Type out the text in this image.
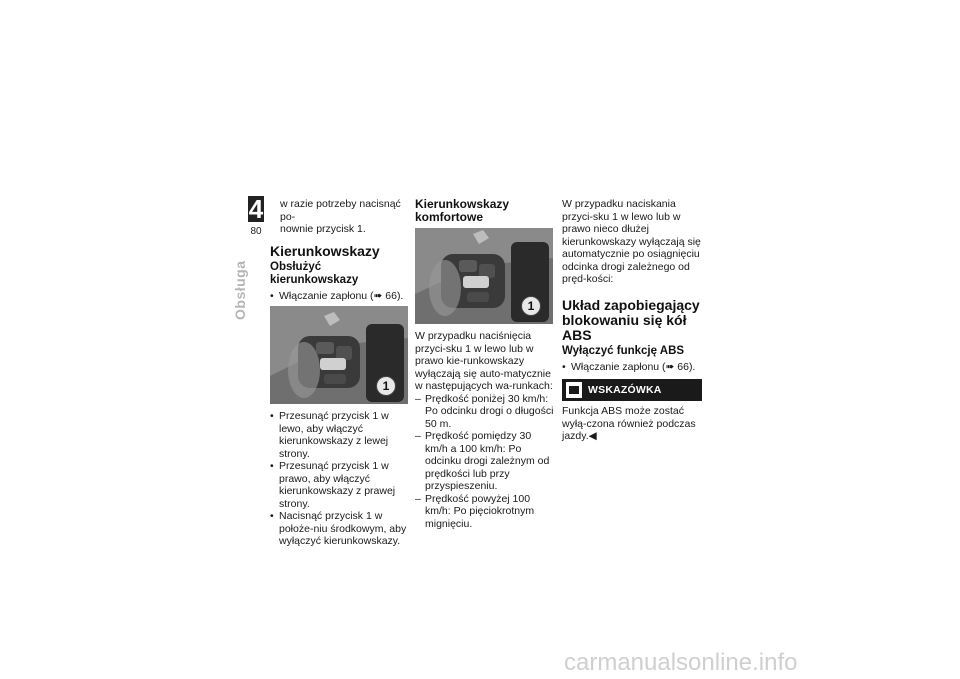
4
80
Obsługa

w razie potrzeby nacisnąć po-

nownie przycisk 1.

Kierunkowskazy
Obsłużyć kierunkowskazy
• Włączanie zapłonu (➠ 66).
1
• Przesunąć przycisk 1 w lewo, aby włączyć kierunkowskazy z lewej strony.
• Przesunąć przycisk 1 w prawo, aby włączyć kierunkowskazy z prawej strony.
• Nacisnąć przycisk 1 w położe-niu środkowym, aby wyłączyć kierunkowskazy.
Kierunkowskazy
komfortowe
1

W przypadku naciśnięcia przyci-sku 1 w lewo lub w prawo kie-runkowskazy wyłączają się auto-matycznie w następujących wa-runkach:

– Prędkość poniżej 30 km/h: Po odcinku drogi o długości 50 m.
– Prędkość pomiędzy 30 km/h a 100 km/h: Po odcinku drogi zależnym od prędkości lub przy przyspieszeniu.
– Prędkość powyżej 100 km/h: Po pięciokrotnym mignięciu.

W przypadku naciskania przyci-sku 1 w lewo lub w prawo nieco dłużej kierunkowskazy wyłączają się automatycznie po osiągnięciu odcinka drogi zależnego od pręd-kości:

Układ zapobiegający
blokowaniu się kół ABS
Wyłączyć funkcję ABS
• Włączanie zapłonu (➠ 66).
WSKAZÓWKA

Funkcja ABS może zostać wyłą-czona również podczas jazdy.◀

carmanualsonline.info
